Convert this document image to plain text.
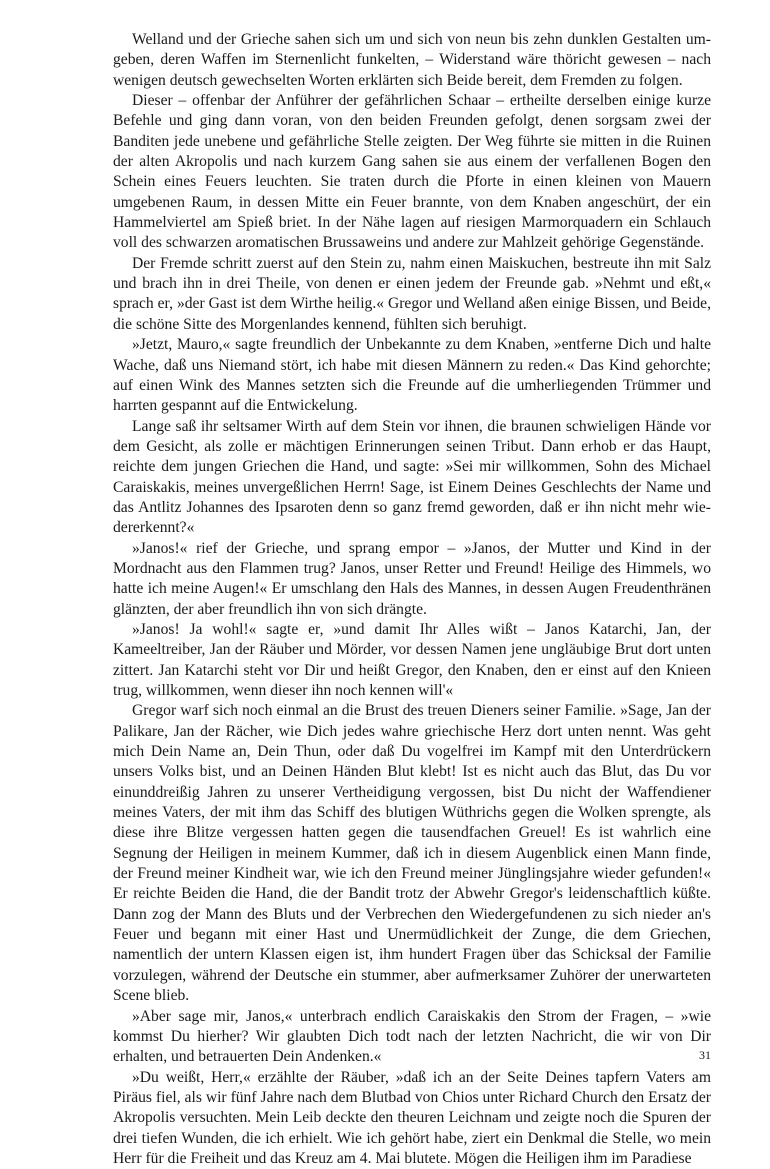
Welland und der Grieche sahen sich um und sich von neun bis zehn dunklen Gestalten umgeben, deren Waffen im Sternenlicht funkelten, – Widerstand wäre thöricht gewesen – nach wenigen deutsch gewechselten Worten erklärten sich Beide bereit, dem Fremden zu folgen.

Dieser – offenbar der Anführer der gefährlichen Schaar – ertheilte derselben einige kurze Befehle und ging dann voran, von den beiden Freunden gefolgt, denen sorgsam zwei der Banditen jede unebene und gefährliche Stelle zeigten. Der Weg führte sie mitten in die Ruinen der alten Akropolis und nach kurzem Gang sahen sie aus einem der verfallenen Bogen den Schein eines Feuers leuchten. Sie traten durch die Pforte in einen kleinen von Mauern umgebenen Raum, in dessen Mitte ein Feuer brannte, von dem Knaben angeschürt, der ein Hammelviertel am Spieß briet. In der Nähe lagen auf riesigen Marmorquadern ein Schlauch voll des schwarzen aromatischen Brussaweins und andere zur Mahlzeit gehörige Gegenstände.

Der Fremde schritt zuerst auf den Stein zu, nahm einen Maiskuchen, bestreute ihn mit Salz und brach ihn in drei Theile, von denen er einen jedem der Freunde gab. »Nehmt und eßt,« sprach er, »der Gast ist dem Wirthe heilig.« Gregor und Welland aßen einige Bissen, und Beide, die schöne Sitte des Morgenlandes kennend, fühlten sich beruhigt.

»Jetzt, Mauro,« sagte freundlich der Unbekannte zu dem Knaben, »entferne Dich und halte Wache, daß uns Niemand stört, ich habe mit diesen Männern zu reden.« Das Kind gehorchte; auf einen Wink des Mannes setzten sich die Freunde auf die umherliegenden Trümmer und harrten gespannt auf die Entwickelung.

Lange saß ihr seltsamer Wirth auf dem Stein vor ihnen, die braunen schwieligen Hände vor dem Gesicht, als zolle er mächtigen Erinnerungen seinen Tribut. Dann erhob er das Haupt, reichte dem jungen Griechen die Hand, und sagte: »Sei mir willkommen, Sohn des Michael Caraiskakis, meines unvergeßlichen Herrn! Sage, ist Einem Deines Geschlechts der Name und das Antlitz Johannes des Ipsaroten denn so ganz fremd geworden, daß er ihn nicht mehr wiedererkennt?«

»Janos!« rief der Grieche, und sprang empor – »Janos, der Mutter und Kind in der Mordnacht aus den Flammen trug? Janos, unser Retter und Freund! Heilige des Himmels, wo hatte ich meine Augen!« Er umschlang den Hals des Mannes, in dessen Augen Freudenthränen glänzten, der aber freundlich ihn von sich drängte.

»Janos! Ja wohl!« sagte er, »und damit Ihr Alles wißt – Janos Katarchi, Jan, der Kameeltreiber, Jan der Räuber und Mörder, vor dessen Namen jene ungläubige Brut dort unten zittert. Jan Katarchi steht vor Dir und heißt Gregor, den Knaben, den er einst auf den Knieen trug, willkommen, wenn dieser ihn noch kennen will'«

Gregor warf sich noch einmal an die Brust des treuen Dieners seiner Familie. »Sage, Jan der Palikare, Jan der Rächer, wie Dich jedes wahre griechische Herz dort unten nennt. Was geht mich Dein Name an, Dein Thun, oder daß Du vogelfrei im Kampf mit den Unterdrückern unsers Volks bist, und an Deinen Händen Blut klebt! Ist es nicht auch das Blut, das Du vor einunddreißig Jahren zu unserer Vertheidigung vergossen, bist Du nicht der Waffendiener meines Vaters, der mit ihm das Schiff des blutigen Wüthrichs gegen die Wolken sprengte, als diese ihre Blitze vergessen hatten gegen die tausendfachen Greuel! Es ist wahrlich eine Segnung der Heiligen in meinem Kummer, daß ich in diesem Augenblick einen Mann finde, der Freund meiner Kindheit war, wie ich den Freund meiner Jünglingsjahre wieder gefunden!« Er reichte Beiden die Hand, die der Bandit trotz der Abwehr Gregor's leidenschaftlich küßte. Dann zog der Mann des Bluts und der Verbrechen den Wiedergefundenen zu sich nieder an's Feuer und begann mit einer Hast und Unermüdlichkeit der Zunge, die dem Griechen, namentlich der untern Klassen eigen ist, ihm hundert Fragen über das Schicksal der Familie vorzulegen, während der Deutsche ein stummer, aber aufmerksamer Zuhörer der unerwarteten Scene blieb.

»Aber sage mir, Janos,« unterbrach endlich Caraiskakis den Strom der Fragen, – »wie kommst Du hierher? Wir glaubten Dich todt nach der letzten Nachricht, die wir von Dir erhalten, und betrauerten Dein Andenken.«

»Du weißt, Herr,« erzählte der Räuber, »daß ich an der Seite Deines tapfern Vaters am Piräus fiel, als wir fünf Jahre nach dem Blutbad von Chios unter Richard Church den Ersatz der Akropolis versuchten. Mein Leib deckte den theuren Leichnam und zeigte noch die Spuren der drei tiefen Wunden, die ich erhielt. Wie ich gehört habe, ziert ein Denkmal die Stelle, wo mein Herr für die Freiheit und das Kreuz am 4. Mai blutete. Mögen die Heiligen ihm im Paradiese

31
